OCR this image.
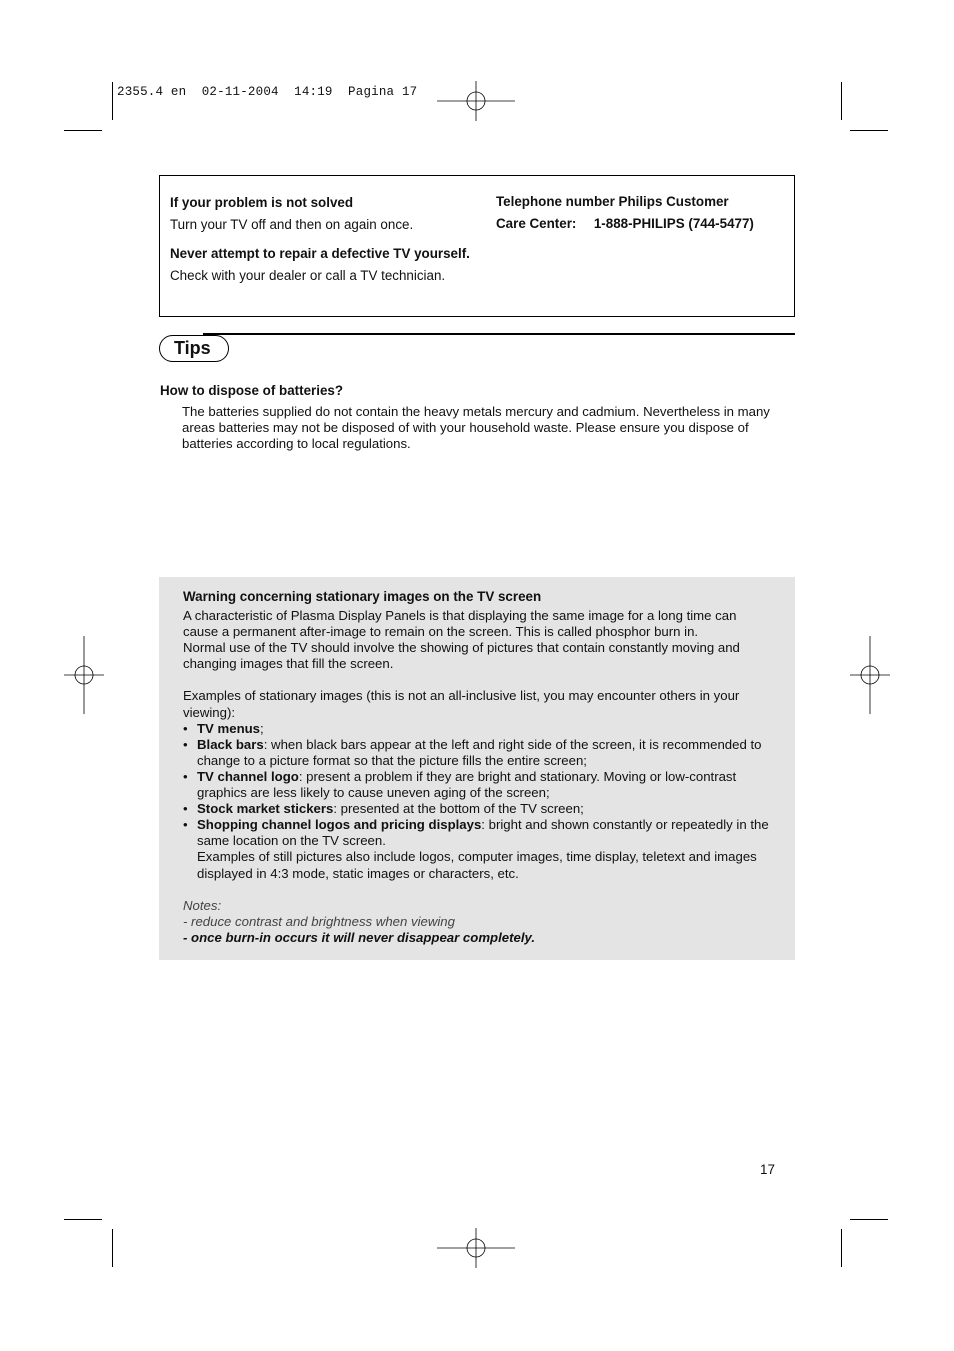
2355.4 en  02-11-2004  14:19  Pagina 17
If your problem is not solved
Turn your TV off and then on again once.
Never attempt to repair a defective TV yourself.
Check with your dealer or call a TV technician.
Telephone number Philips Customer
Care Center: 1-888-PHILIPS (744-5477)
Tips
How to dispose of batteries?
The batteries supplied do not contain the heavy metals mercury and cadmium. Nevertheless in many areas batteries may not be disposed of with your household waste. Please ensure you dispose of batteries according to local regulations.
Warning concerning stationary images on the TV screen
A characteristic of Plasma Display Panels is that displaying the same image for a long time can cause a permanent after-image to remain on the screen. This is called phosphor burn in.
Normal use of the TV should involve the showing of pictures that contain constantly moving and changing images that fill the screen.
Examples of stationary images (this is not an all-inclusive list, you may encounter others in your viewing):
• TV menus;
• Black bars: when black bars appear at the left and right side of the screen, it is recommended to change to a picture format so that the picture fills the entire screen;
• TV channel logo: present a problem if they are bright and stationary. Moving or low-contrast graphics are less likely to cause uneven aging of the screen;
• Stock market stickers: presented at the bottom of the TV screen;
• Shopping channel logos and pricing displays: bright and shown constantly or repeatedly in the same location on the TV screen.
Examples of still pictures also include logos, computer images, time display, teletext and images displayed in 4:3 mode, static images or characters, etc.
Notes:
- reduce contrast and brightness when viewing
- once burn-in occurs it will never disappear completely.
17
